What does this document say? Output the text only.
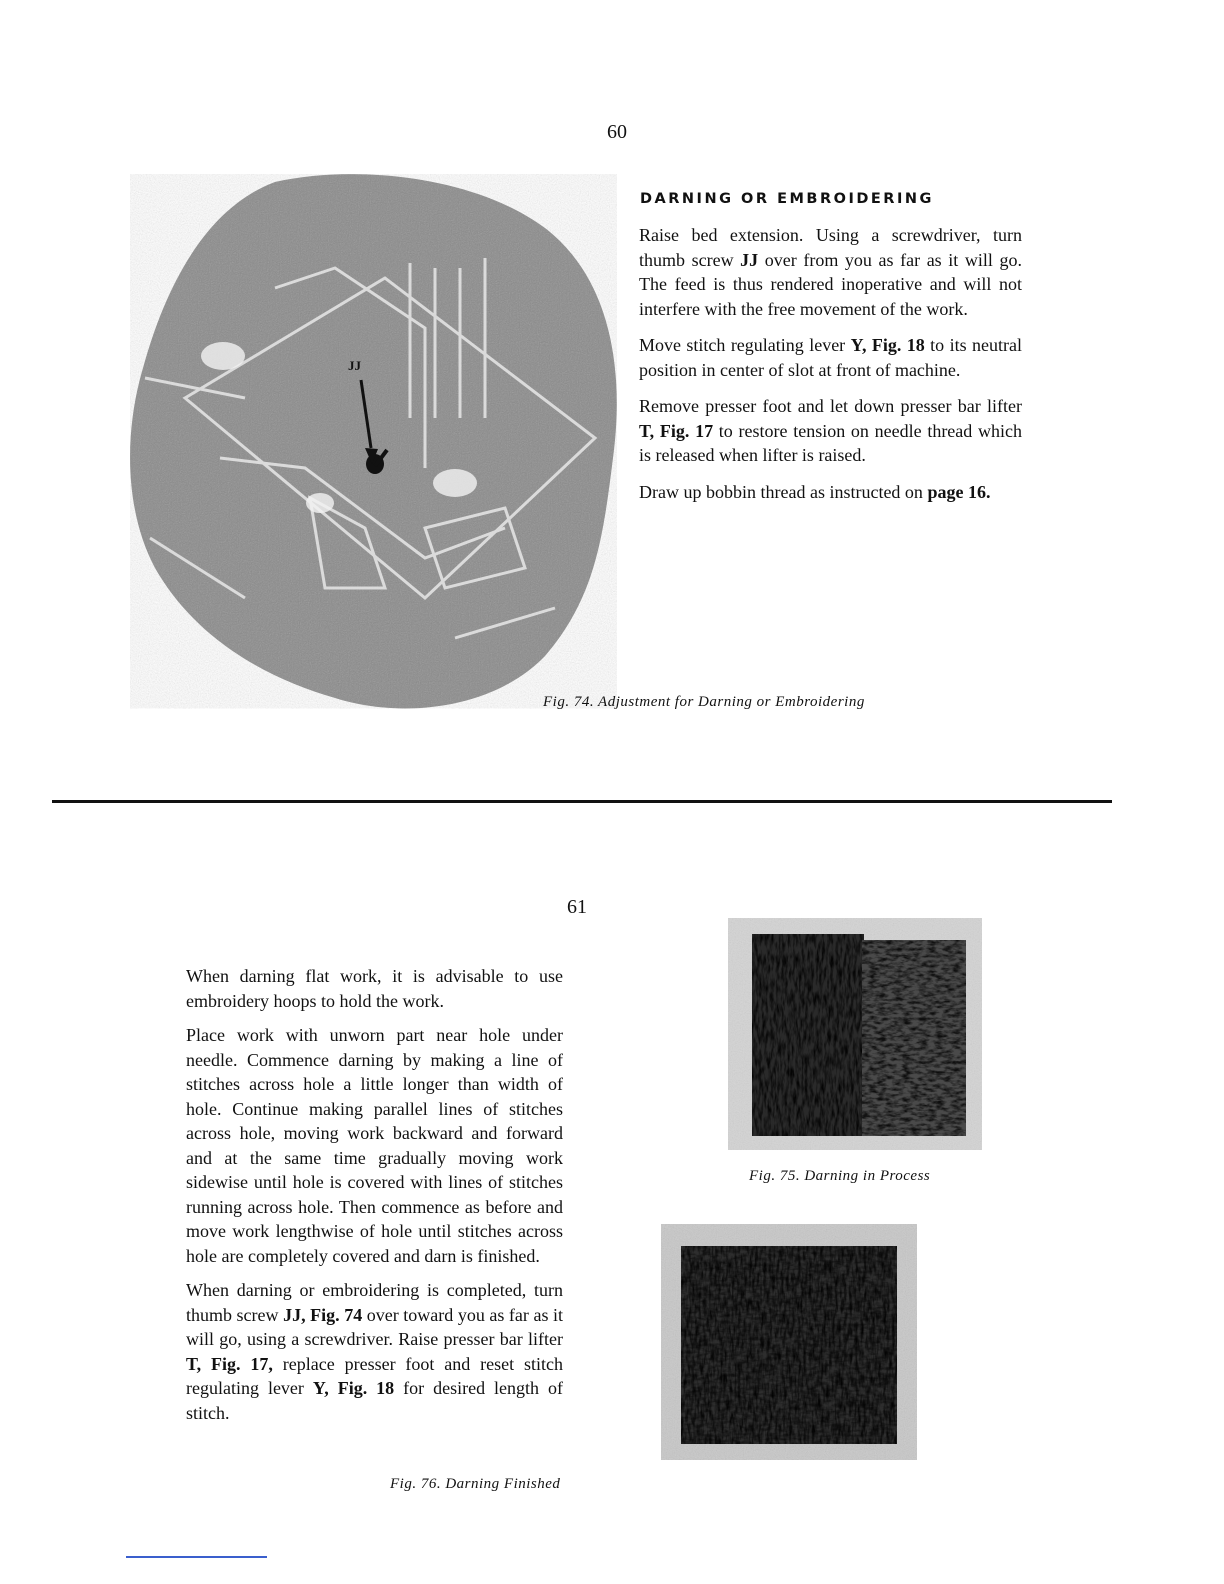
60
JJ
DARNING OR EMBROIDERING

Raise bed extension. Using a screwdriver, turn thumb screw JJ over from you as far as it will go. The feed is thus rendered inoperative and will not interfere with the free movement of the work.

Move stitch regulating lever Y, Fig. 18 to its neutral position in center of slot at front of machine.

Remove presser foot and let down presser bar lifter T, Fig. 17 to restore tension on needle thread which is released when lifter is raised.

Draw up bobbin thread as instructed on page 16.

Fig. 74. Adjustment for Darning or Embroidering
61

When darning flat work, it is advisable to use embroidery hoops to hold the work.

Place work with unworn part near hole under needle. Commence darning by making a line of stitches across hole a little longer than width of hole. Continue making parallel lines of stitches across hole, moving work backward and forward and at the same time gradually moving work sidewise until hole is covered with lines of stitches running across hole. Then commence as before and move work lengthwise of hole until stitches across hole are completely covered and darn is finished.

When darning or embroidering is completed, turn thumb screw JJ, Fig. 74 over toward you as far as it will go, using a screwdriver. Raise presser bar lifter T, Fig. 17, replace presser foot and reset stitch regulating lever Y, Fig. 18 for desired length of stitch.

Fig. 75. Darning in Process
Fig. 76. Darning Finished
